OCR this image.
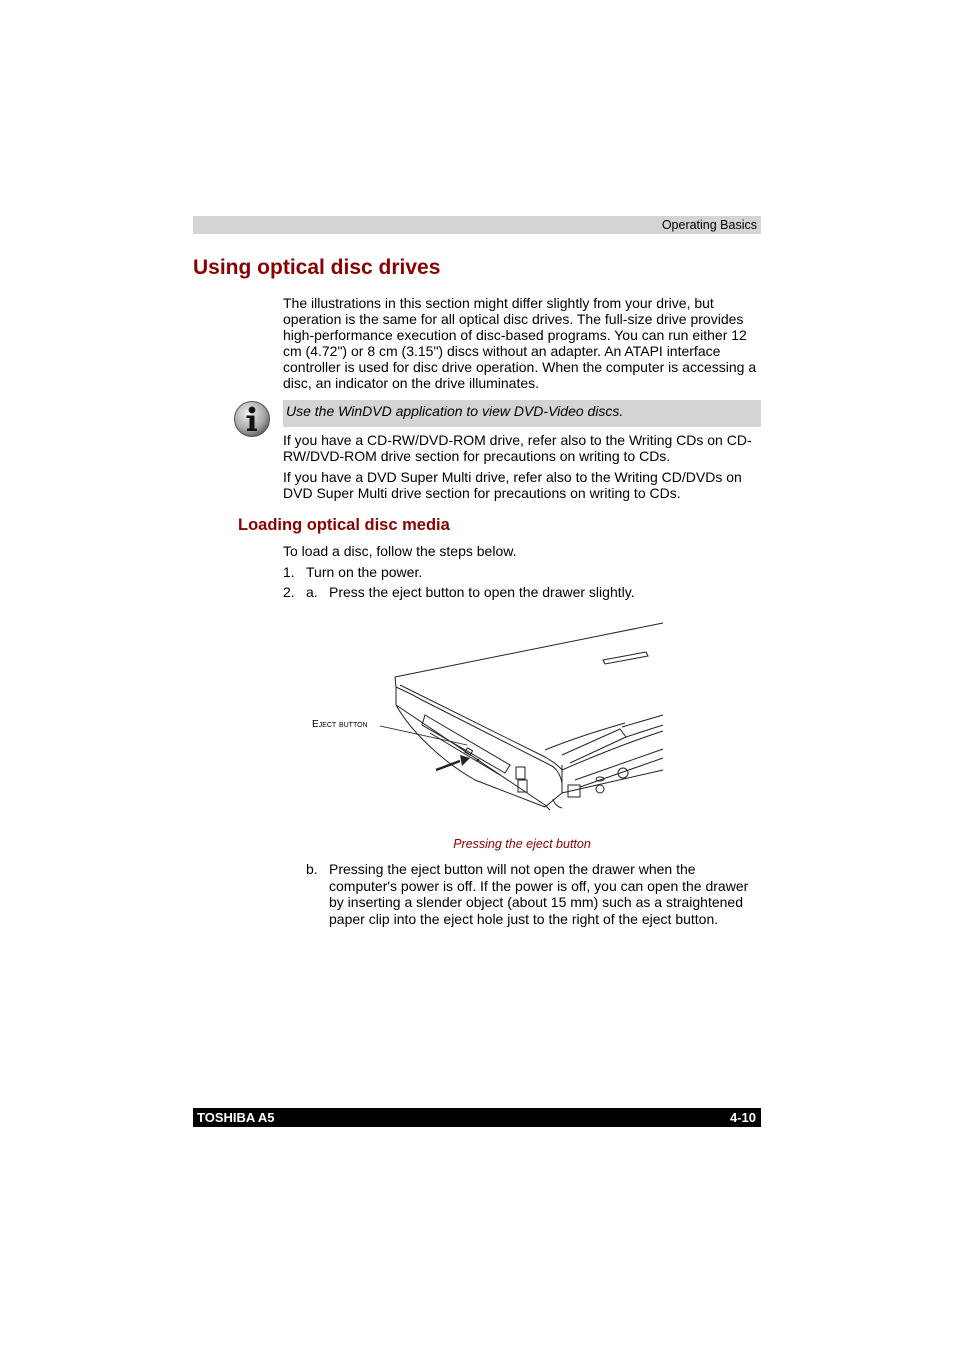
Operating Basics
Using optical disc drives

The illustrations in this section might differ slightly from your drive, but operation is the same for all optical disc drives. The full-size drive provides high-performance execution of disc-based programs. You can run either 12 cm (4.72") or 8 cm (3.15") discs without an adapter. An ATAPI interface controller is used for disc drive operation. When the computer is accessing a disc, an indicator on the drive illuminates.

Use the WinDVD application to view DVD-Video discs.

If you have a CD-RW/DVD-ROM drive, refer also to the Writing CDs on CD-RW/DVD-ROM drive section for precautions on writing to CDs.

If you have a DVD Super Multi drive, refer also to the Writing CD/DVDs on DVD Super Multi drive section for precautions on writing to CDs.

Loading optical disc media

To load a disc, follow the steps below.

1. Turn on the power.
2. a. Press the eject button to open the drawer slightly.
Eject button
Pressing the eject button
b. Pressing the eject button will not open the drawer when the computer's power is off. If the power is off, you can open the drawer by inserting a slender object (about 15 mm) such as a straightened paper clip into the eject hole just to the right of the eject button.
TOSHIBA A5	4-10
